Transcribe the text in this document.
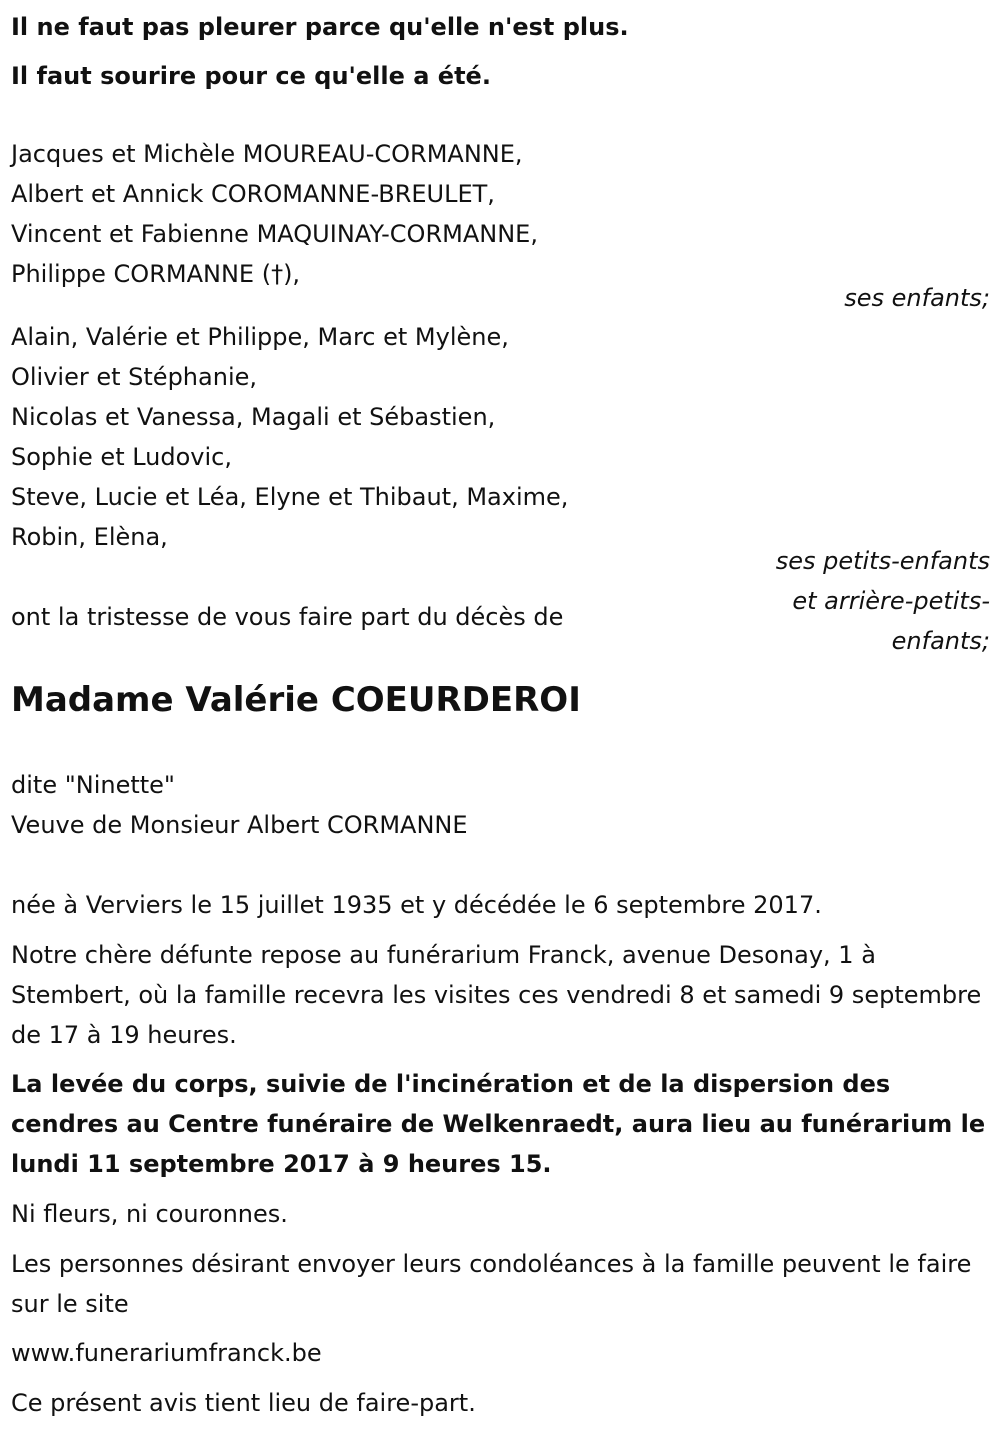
Il ne faut pas pleurer parce qu'elle n'est plus.
Il faut sourire pour ce qu'elle a été.
Jacques et Michèle MOUREAU-CORMANNE,
Albert et Annick COROMANNE-BREULET,
Vincent et Fabienne MAQUINAY-CORMANNE,
Philippe CORMANNE (†),
ses enfants;
Alain, Valérie et Philippe, Marc et Mylène,
Olivier et Stéphanie,
Nicolas et Vanessa, Magali et Sébastien,
Sophie et Ludovic,
Steve, Lucie et Léa, Elyne et Thibaut, Maxime,
Robin, Elèna,
ses petits-enfants
et arrière-petits-
enfants;
ont la tristesse de vous faire part du décès de
Madame Valérie COEURDEROI
dite "Ninette"
Veuve de Monsieur Albert CORMANNE
née à Verviers le 15 juillet 1935 et y décédée le 6 septembre 2017.
Notre chère défunte repose au funérarium Franck, avenue Desonay, 1 à Stembert, où la famille recevra les visites ces vendredi 8 et samedi 9 septembre de 17 à 19 heures.
La levée du corps, suivie de l'incinération et de la dispersion des cendres au Centre funéraire de Welkenraedt, aura lieu au funérarium le lundi 11 septembre 2017 à 9 heures 15.
Ni fleurs, ni couronnes.
Les personnes désirant envoyer leurs condoléances à la famille peuvent le faire sur le site
www.funerariumfranck.be
Ce présent avis tient lieu de faire-part.
